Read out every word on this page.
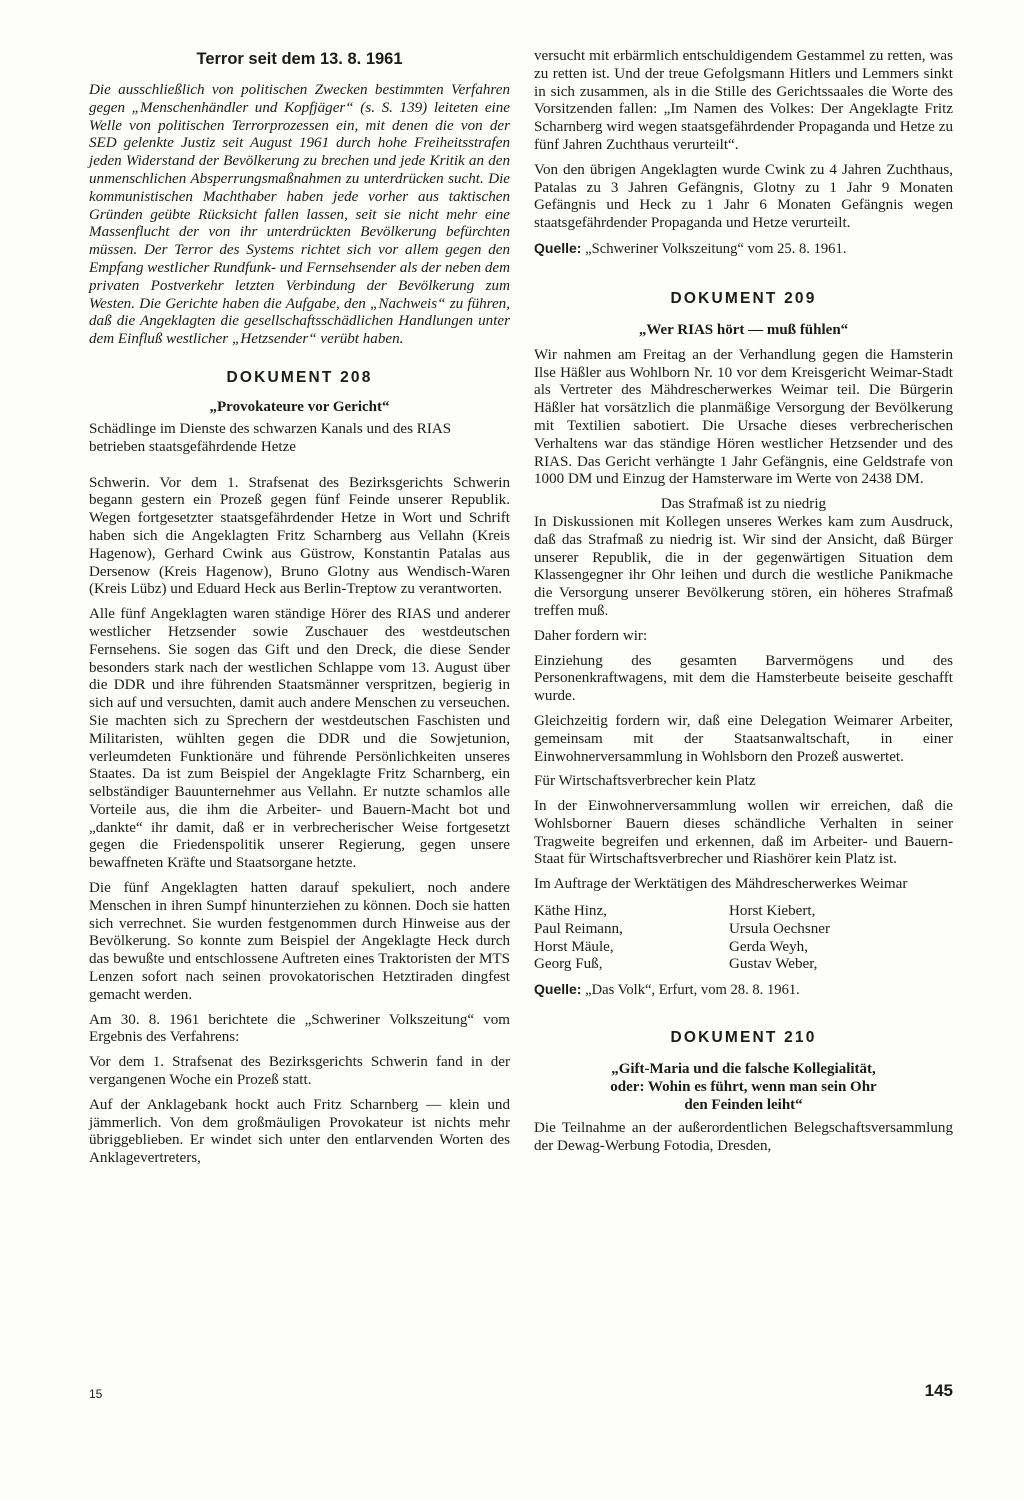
Terror seit dem 13. 8. 1961

Die ausschließlich von politischen Zwecken bestimmten Verfahren gegen „Menschenhändler und Kopfjäger“ (s. S. 139) leiteten eine Welle von politischen Terrorprozessen ein, mit denen die von der SED gelenkte Justiz seit August 1961 durch hohe Freiheitsstrafen jeden Widerstand der Bevölkerung zu brechen und jede Kritik an den unmenschlichen Absperrungsmaßnahmen zu unterdrücken sucht. Die kommunistischen Machthaber haben jede vorher aus taktischen Gründen geübte Rücksicht fallen lassen, seit sie nicht mehr eine Massenflucht der von ihr unterdrückten Bevölkerung befürchten müssen. Der Terror des Systems richtet sich vor allem gegen den Empfang westlicher Rundfunk- und Fernsehsender als der neben dem privaten Postverkehr letzten Verbindung der Bevölkerung zum Westen. Die Gerichte haben die Aufgabe, den „Nachweis“ zu führen, daß die Angeklagten die gesellschaftsschädlichen Handlungen unter dem Einfluß westlicher „Hetzsender“ verübt haben.

DOKUMENT 208
„Provokateure vor Gericht“

Schädlinge im Dienste des schwarzen Kanals und des RIAS betrieben staatsgefährdende Hetze

Schwerin. Vor dem 1. Strafsenat des Bezirksgerichts Schwerin begann gestern ein Prozeß gegen fünf Feinde unserer Republik. Wegen fortgesetzter staatsgefährdender Hetze in Wort und Schrift haben sich die Angeklagten Fritz Scharnberg aus Vellahn (Kreis Hagenow), Gerhard Cwink aus Güstrow, Konstantin Patalas aus Dersenow (Kreis Hagenow), Bruno Glotny aus Wendisch-Waren (Kreis Lübz) und Eduard Heck aus Berlin-Treptow zu verantworten.

Alle fünf Angeklagten waren ständige Hörer des RIAS und anderer westlicher Hetzsender sowie Zuschauer des westdeutschen Fernsehens. Sie sogen das Gift und den Dreck, die diese Sender besonders stark nach der westlichen Schlappe vom 13. August über die DDR und ihre führenden Staatsmänner verspritzen, begierig in sich auf und versuchten, damit auch andere Menschen zu verseuchen. Sie machten sich zu Sprechern der westdeutschen Faschisten und Militaristen, wühlten gegen die DDR und die Sowjetunion, verleumdeten Funktionäre und führende Persönlichkeiten unseres Staates. Da ist zum Beispiel der Angeklagte Fritz Scharnberg, ein selbständiger Bauunternehmer aus Vellahn. Er nutzte schamlos alle Vorteile aus, die ihm die Arbeiter- und Bauern-Macht bot und „dankte“ ihr damit, daß er in verbrecherischer Weise fortgesetzt gegen die Friedenspolitik unserer Regierung, gegen unsere bewaffneten Kräfte und Staatsorgane hetzte.

Die fünf Angeklagten hatten darauf spekuliert, noch andere Menschen in ihren Sumpf hinunterziehen zu können. Doch sie hatten sich verrechnet. Sie wurden festgenommen durch Hinweise aus der Bevölkerung. So konnte zum Beispiel der Angeklagte Heck durch das bewußte und entschlossene Auftreten eines Traktoristen der MTS Lenzen sofort nach seinen provokatorischen Hetztiraden dingfest gemacht werden.

Am 30. 8. 1961 berichtete die „Schweriner Volkszeitung“ vom Ergebnis des Verfahrens:

Vor dem 1. Strafsenat des Bezirksgerichts Schwerin fand in der vergangenen Woche ein Prozeß statt.

Auf der Anklagebank hockt auch Fritz Scharnberg — klein und jämmerlich. Von dem großmäuligen Provokateur ist nichts mehr übriggeblieben. Er windet sich unter den entlarvenden Worten des Anklagevertreters,

versucht mit erbärmlich entschuldigendem Gestammel zu retten, was zu retten ist. Und der treue Gefolgsmann Hitlers und Lemmers sinkt in sich zusammen, als in die Stille des Gerichtssaales die Worte des Vorsitzenden fallen: „Im Namen des Volkes: Der Angeklagte Fritz Scharnberg wird wegen staatsgefährdender Propaganda und Hetze zu fünf Jahren Zuchthaus verurteilt“.

Von den übrigen Angeklagten wurde Cwink zu 4 Jahren Zuchthaus, Patalas zu 3 Jahren Gefängnis, Glotny zu 1 Jahr 9 Monaten Gefängnis und Heck zu 1 Jahr 6 Monaten Gefängnis wegen staatsgefährdender Propaganda und Hetze verurteilt.

Quelle: „Schweriner Volkszeitung“ vom 25. 8. 1961.

DOKUMENT 209
„Wer RIAS hört — muß fühlen“

Wir nahmen am Freitag an der Verhandlung gegen die Hamsterin Ilse Häßler aus Wohlborn Nr. 10 vor dem Kreisgericht Weimar-Stadt als Vertreter des Mähdrescherwerkes Weimar teil. Die Bürgerin Häßler hat vorsätzlich die planmäßige Versorgung der Bevölkerung mit Textilien sabotiert. Die Ursache dieses verbrecherischen Verhaltens war das ständige Hören westlicher Hetzsender und des RIAS. Das Gericht verhängte 1 Jahr Gefängnis, eine Geldstrafe von 1000 DM und Einzug der Hamsterware im Werte von 2438 DM.

Das Strafmaß ist zu niedrig

In Diskussionen mit Kollegen unseres Werkes kam zum Ausdruck, daß das Strafmaß zu niedrig ist. Wir sind der Ansicht, daß Bürger unserer Republik, die in der gegenwärtigen Situation dem Klassengegner ihr Ohr leihen und durch die westliche Panikmache die Versorgung unserer Bevölkerung stören, ein höheres Strafmaß treffen muß.

Daher fordern wir:

Einziehung des gesamten Barvermögens und des Personenkraftwagens, mit dem die Hamsterbeute beiseite geschafft wurde.

Gleichzeitig fordern wir, daß eine Delegation Weimarer Arbeiter, gemeinsam mit der Staatsanwaltschaft, in einer Einwohnerversammlung in Wohlsborn den Prozeß auswertet.

Für Wirtschaftsverbrecher kein Platz

In der Einwohnerversammlung wollen wir erreichen, daß die Wohlsborner Bauern dieses schändliche Verhalten in seiner Tragweite begreifen und erkennen, daß im Arbeiter- und Bauern-Staat für Wirtschaftsverbrecher und Riashörer kein Platz ist.

Im Auftrage der Werktätigen des Mähdrescherwerkes Weimar

Käthe Hinz,	Horst Kiebert,
Paul Reimann,	Ursula Oechsner
Horst Mäule,	Gerda Weyh,
Georg Fuß,	Gustav Weber,

Quelle: „Das Volk“, Erfurt, vom 28. 8. 1961.

DOKUMENT 210
„Gift-Maria und die falsche Kollegialität,
oder: Wohin es führt, wenn man sein Ohr
den Feinden leiht“

Die Teilnahme an der außerordentlichen Belegschaftsversammlung der Dewag-Werbung Fotodia, Dresden,

15	145
